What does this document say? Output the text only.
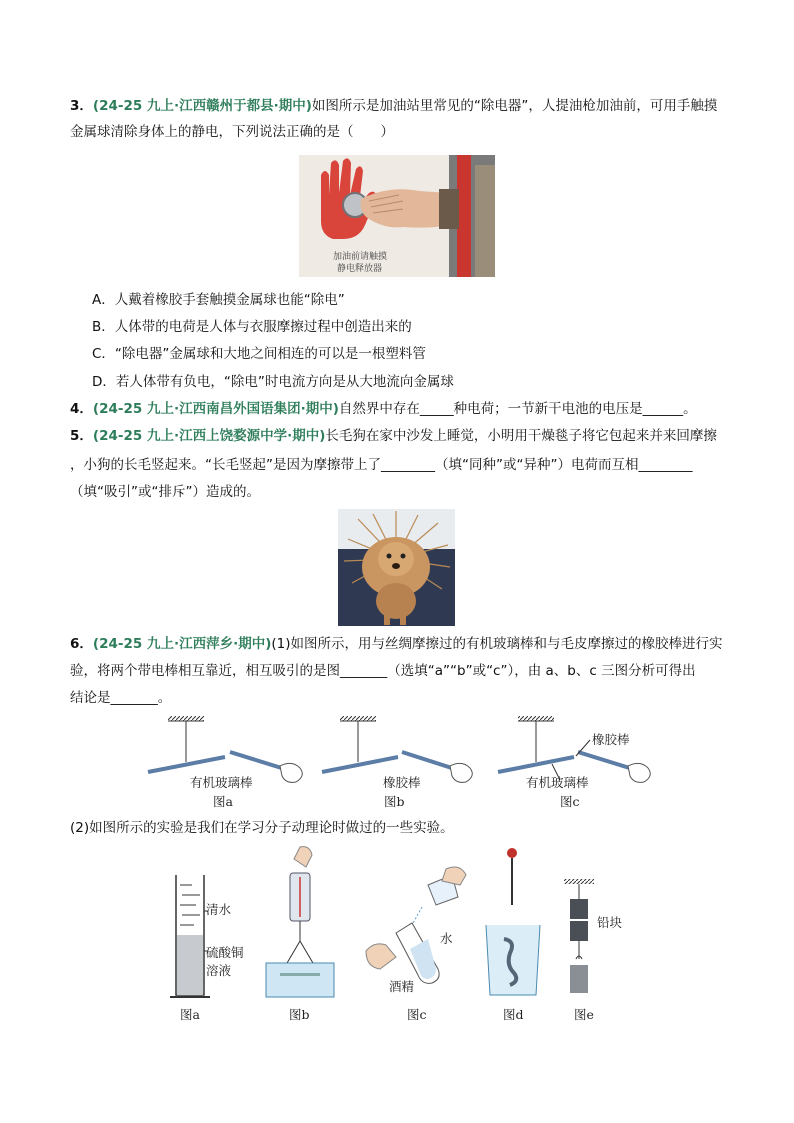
3．(24-25 九上·江西赣州于都县·期中)如图所示是加油站里常见的“除电器”，人提油枪加油前，可用手触摸
金属球清除身体上的静电，下列说法正确的是（　　）
加油前请触摸
静电释放器
A．人戴着橡胶手套触摸金属球也能“除电”
B．人体带的电荷是人体与衣服摩擦过程中创造出来的
C．“除电器”金属球和大地之间相连的可以是一根塑料管
D．若人体带有负电，“除电”时电流方向是从大地流向金属球
4．(24-25 九上·江西南昌外国语集团·期中)自然界中存在_____种电荷；一节新干电池的电压是______。
5．(24-25 九上·江西上饶婺源中学·期中)长毛狗在家中沙发上睡觉，小明用干燥毯子将它包起来并来回摩擦
，小狗的长毛竖起来。“长毛竖起”是因为摩擦带上了________（填“同种”或“异种”）电荷而互相________
（填“吸引”或“排斥”）造成的。
6．(24-25 九上·江西萍乡·期中)(1)如图所示，用与丝绸摩擦过的有机玻璃棒和与毛皮摩擦过的橡胶棒进行实
验，将两个带电棒相互靠近，相互吸引的是图_______（选填“a”“b”或“c”），由 a、b、c 三图分析可得出
结论是_______。
有机玻璃棒
图a
橡胶棒
图b
橡胶棒
有机玻璃棒
图c
(2)如图所示的实验是我们在学习分子动理论时做过的一些实验。
清水
硫酸铜
溶液
图a	图b
水
酒精
图c	图d
铅块
图e
